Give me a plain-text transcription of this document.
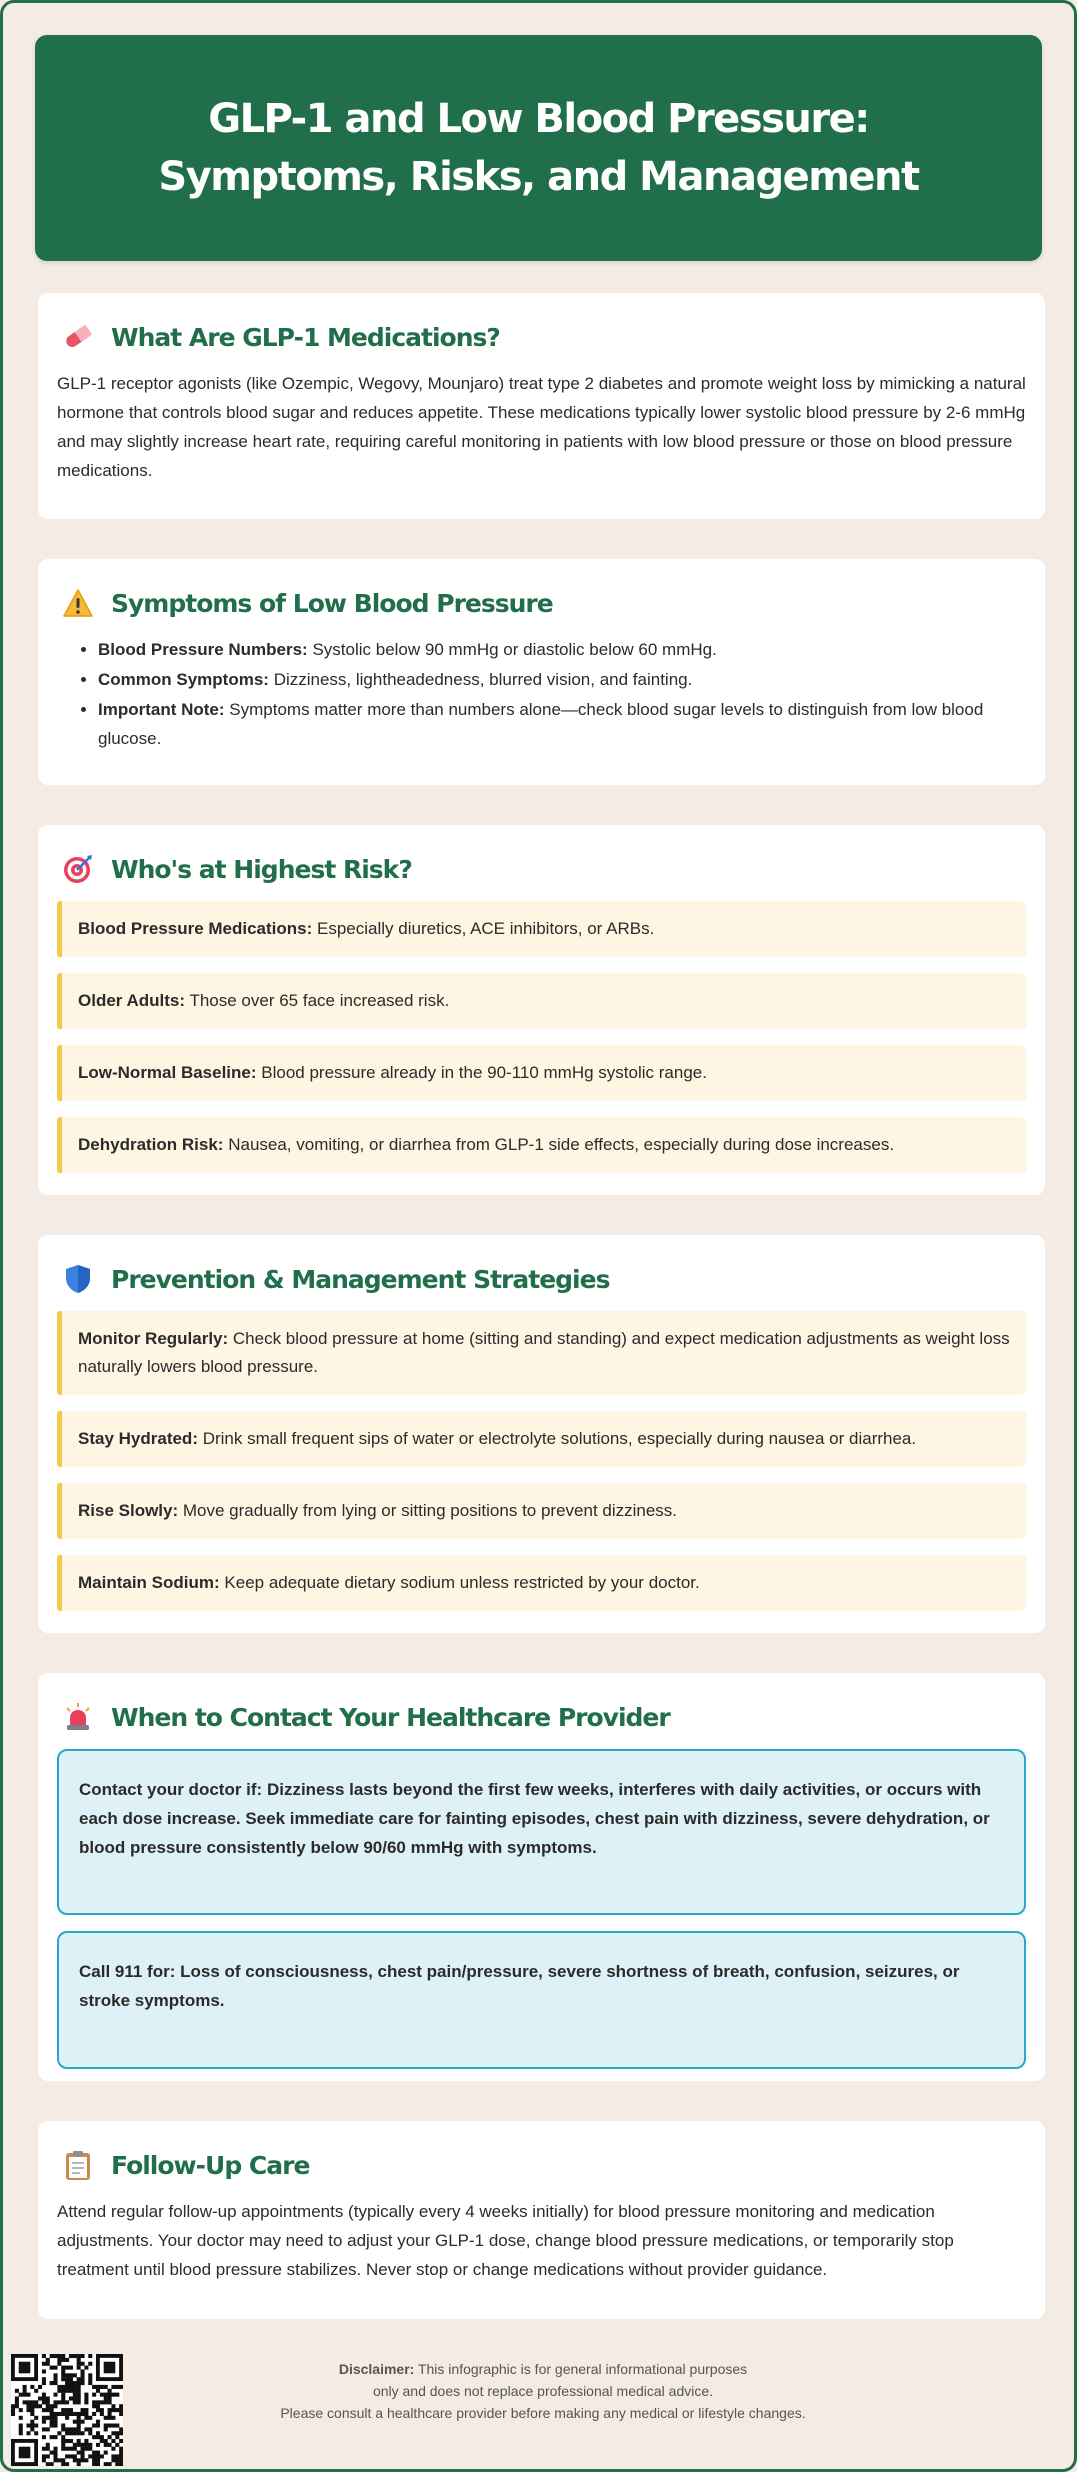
GLP-1 and Low Blood Pressure: Symptoms, Risks, and Management
What Are GLP-1 Medications?

GLP-1 receptor agonists (like Ozempic, Wegovy, Mounjaro) treat type 2 diabetes and promote weight loss by mimicking a natural hormone that controls blood sugar and reduces appetite. These medications typically lower systolic blood pressure by 2-6 mmHg and may slightly increase heart rate, requiring careful monitoring in patients with low blood pressure or those on blood pressure medications.

Symptoms of Low Blood Pressure
• Blood Pressure Numbers: Systolic below 90 mmHg or diastolic below 60 mmHg.
• Common Symptoms: Dizziness, lightheadedness, blurred vision, and fainting.
• Important Note: Symptoms matter more than numbers alone—check blood sugar levels to distinguish from low blood glucose.
Who's at Highest Risk?
Blood Pressure Medications: Especially diuretics, ACE inhibitors, or ARBs.
Older Adults: Those over 65 face increased risk.
Low-Normal Baseline: Blood pressure already in the 90-110 mmHg systolic range.
Dehydration Risk: Nausea, vomiting, or diarrhea from GLP-1 side effects, especially during dose increases.
Prevention & Management Strategies
Monitor Regularly: Check blood pressure at home (sitting and standing) and expect medication adjustments as weight loss naturally lowers blood pressure.
Stay Hydrated: Drink small frequent sips of water or electrolyte solutions, especially during nausea or diarrhea.
Rise Slowly: Move gradually from lying or sitting positions to prevent dizziness.
Maintain Sodium: Keep adequate dietary sodium unless restricted by your doctor.
When to Contact Your Healthcare Provider
Contact your doctor if: Dizziness lasts beyond the first few weeks, interferes with daily activities, or occurs with each dose increase. Seek immediate care for fainting episodes, chest pain with dizziness, severe dehydration, or blood pressure consistently below 90/60 mmHg with symptoms.
Call 911 for: Loss of consciousness, chest pain/pressure, severe shortness of breath, confusion, seizures, or stroke symptoms.
Follow-Up Care

Attend regular follow-up appointments (typically every 4 weeks initially) for blood pressure monitoring and medication adjustments. Your doctor may need to adjust your GLP-1 dose, change blood pressure medications, or temporarily stop treatment until blood pressure stabilizes. Never stop or change medications without provider guidance.

Disclaimer: This infographic is for general informational purposes
only and does not replace professional medical advice.
Please consult a healthcare provider before making any medical or lifestyle changes.
